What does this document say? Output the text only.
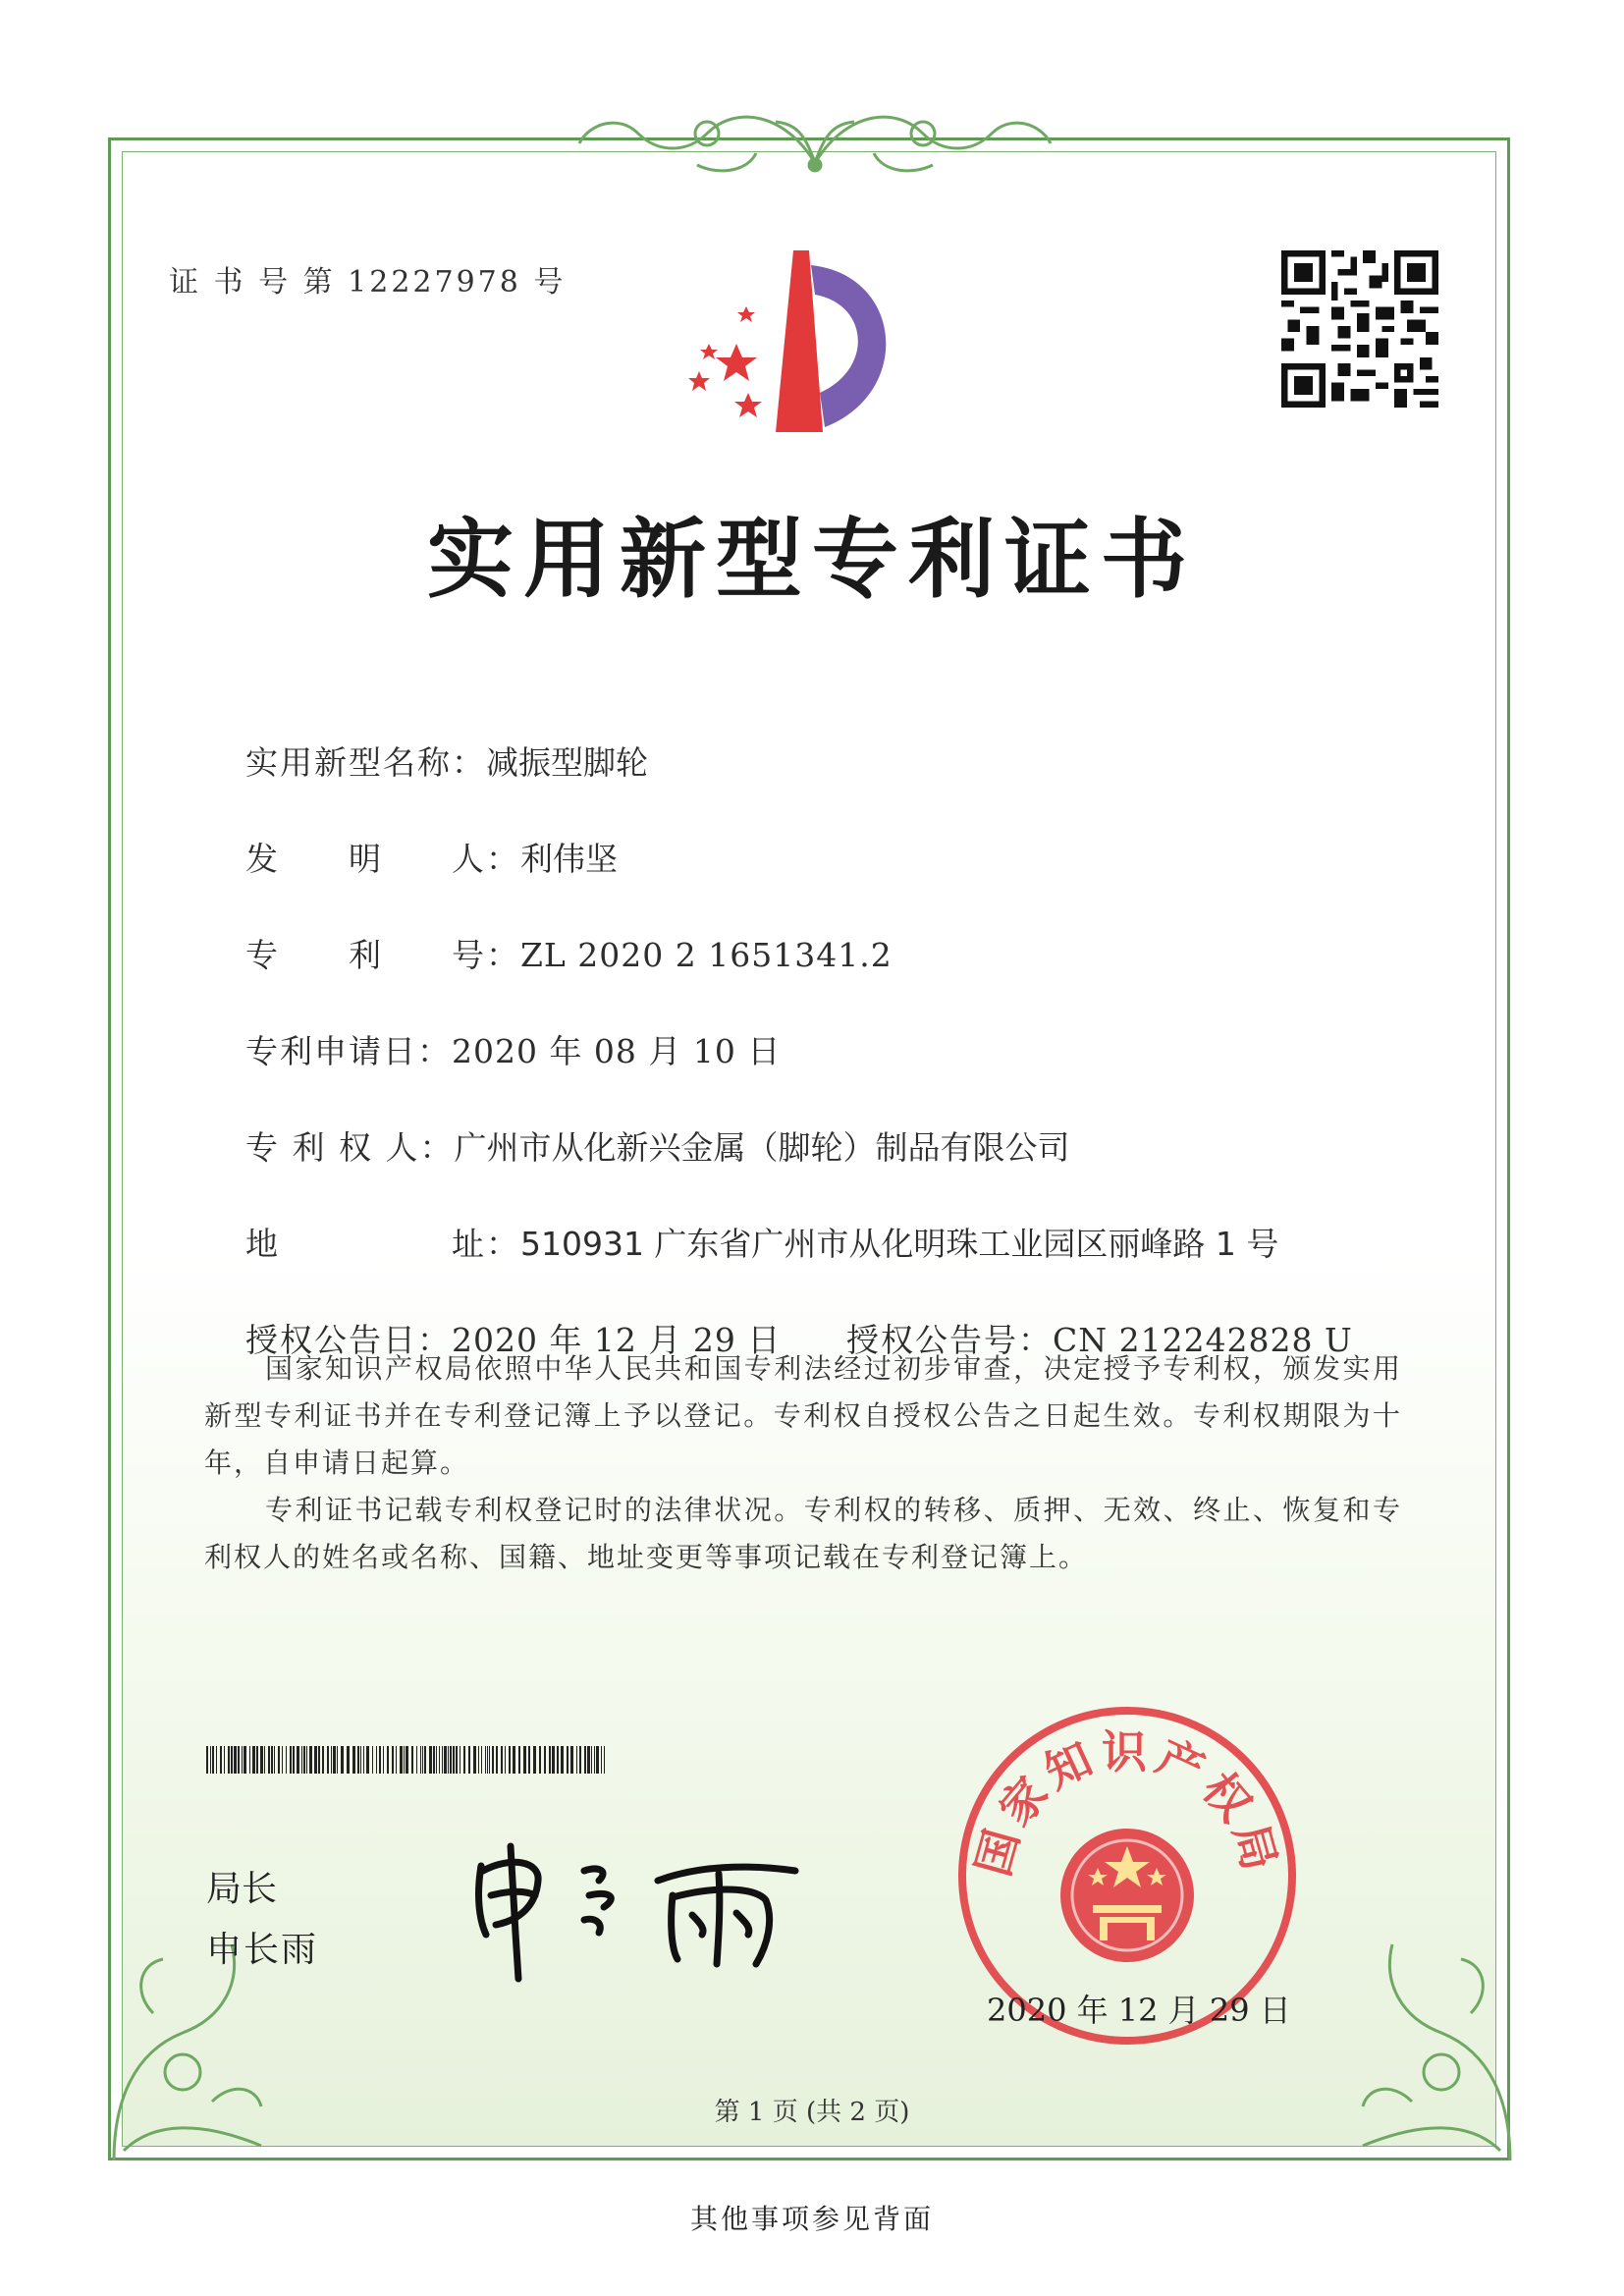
证 书 号 第 12227978 号
实用新型专利证书

实用新型名称：减振型脚轮

发　　明　　人：利伟坚

专　　利　　号：ZL 2020 2 1651341.2

专利申请日：2020 年 08 月 10 日

专 利 权 人：广州市从化新兴金属（脚轮）制品有限公司

地　　　　　址：510931 广东省广州市从化明珠工业园区丽峰路 1 号

授权公告日：2020 年 12 月 29 日
	授权公告号：CN 212242828 U

国家知识产权局依照中华人民共和国专利法经过初步审查，决定授予专利权，颁发实用新型专利证书并在专利登记簿上予以登记。专利权自授权公告之日起生效。专利权期限为十年，自申请日起算。

专利证书记载专利权登记时的法律状况。专利权的转移、质押、无效、终止、恢复和专利权人的姓名或名称、国籍、地址变更等事项记载在专利登记簿上。

局长
申长雨
国家知识产权局
2020 年 12 月 29 日
第 1 页 (共 2 页)
其他事项参见背面
